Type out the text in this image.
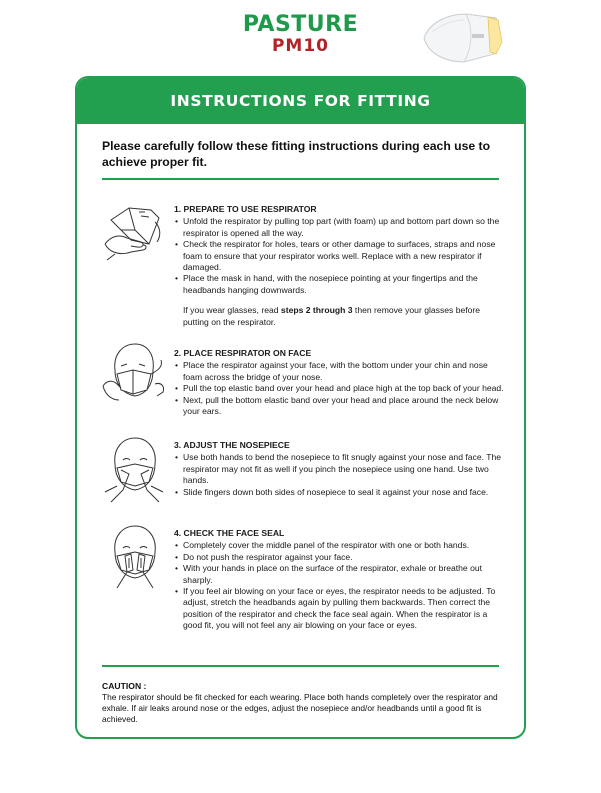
PASTURE
PM10
INSTRUCTIONS FOR FITTING
Please carefully follow these fitting instructions during each use to achieve proper fit.
1. PREPARE TO USE RESPIRATOR
• Unfold the respirator by pulling top part (with foam) up and bottom part down so the respirator is opened all the way.
• Check the respirator for holes, tears or other damage to surfaces, straps and nose foam to ensure that your respirator works well. Replace with a new respirator if damaged.
• Place the mask in hand, with the nosepiece pointing at your fingertips and the headbands hanging downwards.
If you wear glasses, read steps 2 through 3 then remove your glasses before putting on the respirator.
2. PLACE RESPIRATOR ON FACE
• Place the respirator against your face, with the bottom under your chin and nose foam across the bridge of your nose.
• Pull the top elastic band over your head and place high at the top back of your head.
• Next, pull the bottom elastic band over your head and place around the neck below your ears.
3. ADJUST THE NOSEPIECE
• Use both hands to bend the nosepiece to fit snugly against your nose and face. The respirator may not fit as well if you pinch the nosepiece using one hand. Use two hands.
• Slide fingers down both sides of nosepiece to seal it against your nose and face.
4. CHECK THE FACE SEAL
• Completely cover the middle panel of the respirator with one or both hands.
• Do not push the respirator against your face.
• With your hands in place on the surface of the respirator, exhale or breathe out sharply.
• If you feel air blowing on your face or eyes, the respirator needs to be adjusted. To adjust, stretch the headbands again by pulling them backwards. Then correct the position of the respirator and check the face seal again. When the respirator is a good fit, you will not feel any air blowing on your face or eyes.
CAUTION :
The respirator should be fit checked for each wearing. Place both hands completely over the respirator and exhale. If air leaks around nose or the edges, adjust the nosepiece and/or headbands until a good fit is achieved.
